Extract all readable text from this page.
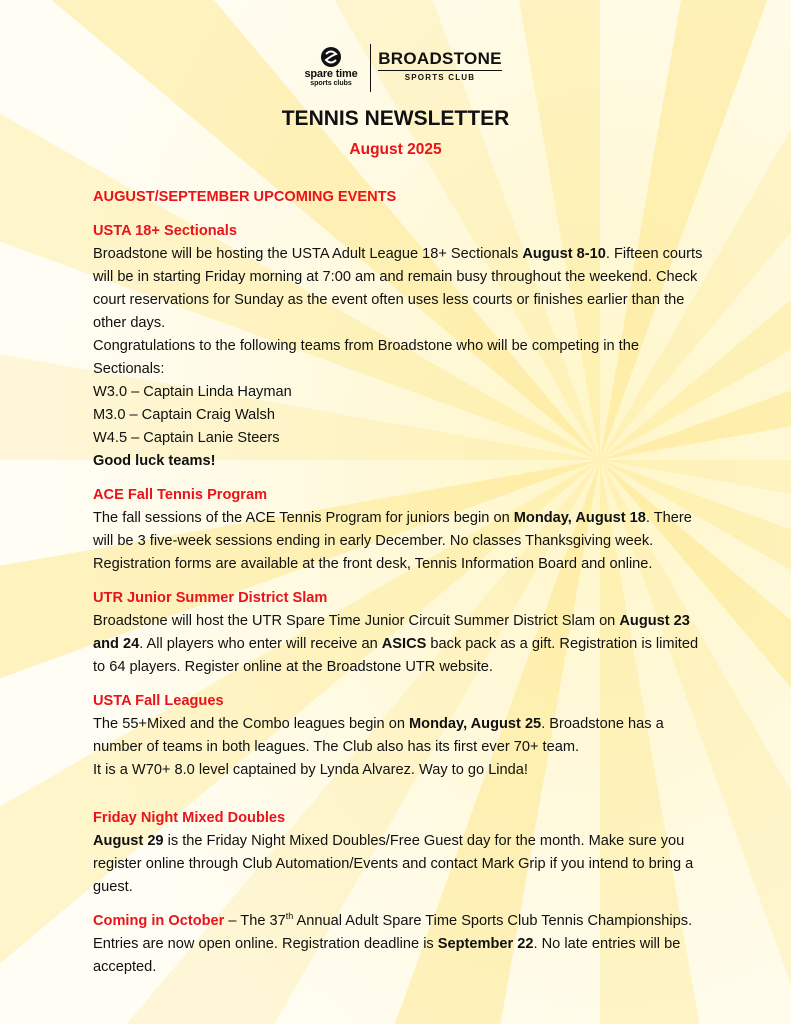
spare time
sports clubs
BROADSTONE
SPORTS CLUB
TENNIS NEWSLETTER
August 2025
AUGUST/SEPTEMBER UPCOMING EVENTS
USTA 18+ Sectionals

Broadstone will be hosting the USTA Adult League 18+ Sectionals August 8-10. Fifteen courts will be in starting Friday morning at 7:00 am and remain busy throughout the weekend. Check court reservations for Sunday as the event often uses less courts or finishes earlier than the other days.

Congratulations to the following teams from Broadstone who will be competing in the Sectionals:

W3.0 – Captain Linda Hayman
M3.0 – Captain Craig Walsh
W4.5 – Captain Lanie Steers

Good luck teams!

ACE Fall Tennis Program

The fall sessions of the ACE Tennis Program for juniors begin on Monday, August 18. There will be 3 five-week sessions ending in early December. No classes Thanksgiving week. Registration forms are available at the front desk, Tennis Information Board and online.

UTR Junior Summer District Slam

Broadstone will host the UTR Spare Time Junior Circuit Summer District Slam on August 23 and 24. All players who enter will receive an ASICS back pack as a gift. Registration is limited to 64 players. Register online at the Broadstone UTR website.

USTA Fall Leagues

The 55+Mixed and the Combo leagues begin on Monday, August 25. Broadstone has a number of teams in both leagues. The Club also has its first ever 70+ team.

It is a W70+ 8.0 level captained by Lynda Alvarez. Way to go Linda!

Friday Night Mixed Doubles

August 29 is the Friday Night Mixed Doubles/Free Guest day for the month. Make sure you register online through Club Automation/Events and contact Mark Grip if you intend to bring a guest.

Coming in October – The 37th Annual Adult Spare Time Sports Club Tennis Championships. Entries are now open online. Registration deadline is September 22. No late entries will be accepted.
